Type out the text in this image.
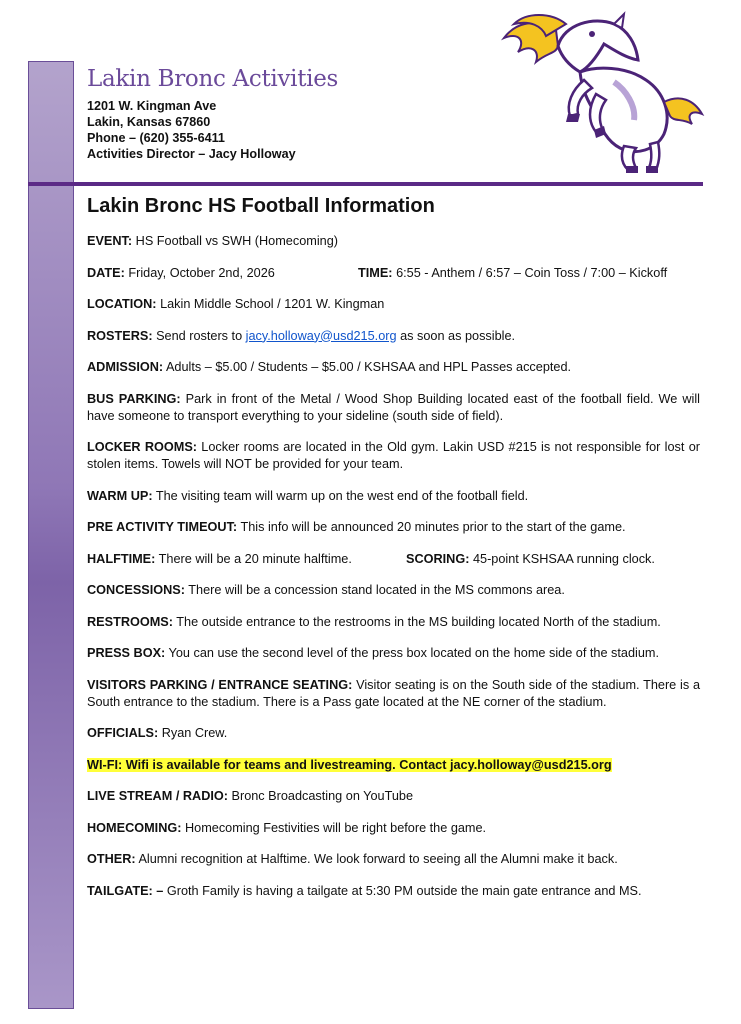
Lakin Bronc Activities
1201 W. Kingman Ave
Lakin, Kansas 67860
Phone – (620) 355-6411
Activities Director – Jacy Holloway
Lakin Bronc HS Football Information
EVENT: HS Football vs SWH (Homecoming)
DATE: Friday, October 2nd, 2026	TIME: 6:55 - Anthem / 6:57 – Coin Toss / 7:00 – Kickoff
LOCATION: Lakin Middle School / 1201 W. Kingman
ROSTERS: Send rosters to jacy.holloway@usd215.org as soon as possible.
ADMISSION: Adults – $5.00 / Students – $5.00 / KSHSAA and HPL Passes accepted.
BUS PARKING: Park in front of the Metal / Wood Shop Building located east of the football field. We will have someone to transport everything to your sideline (south side of field).
LOCKER ROOMS: Locker rooms are located in the Old gym. Lakin USD #215 is not responsible for lost or stolen items. Towels will NOT be provided for your team.
WARM UP: The visiting team will warm up on the west end of the football field.
PRE ACTIVITY TIMEOUT: This info will be announced 20 minutes prior to the start of the game.
HALFTIME: There will be a 20 minute halftime.	SCORING: 45-point KSHSAA running clock.
CONCESSIONS: There will be a concession stand located in the MS commons area.
RESTROOMS: The outside entrance to the restrooms in the MS building located North of the stadium.
PRESS BOX: You can use the second level of the press box located on the home side of the stadium.
VISITORS PARKING / ENTRANCE SEATING: Visitor seating is on the South side of the stadium. There is a South entrance to the stadium. There is a Pass gate located at the NE corner of the stadium.
OFFICIALS: Ryan Crew.
WI-FI: Wifi is available for teams and livestreaming. Contact jacy.holloway@usd215.org
LIVE STREAM / RADIO: Bronc Broadcasting on YouTube
HOMECOMING: Homecoming Festivities will be right before the game.
OTHER: Alumni recognition at Halftime. We look forward to seeing all the Alumni make it back.
TAILGATE: – Groth Family is having a tailgate at 5:30 PM outside the main gate entrance and MS.
